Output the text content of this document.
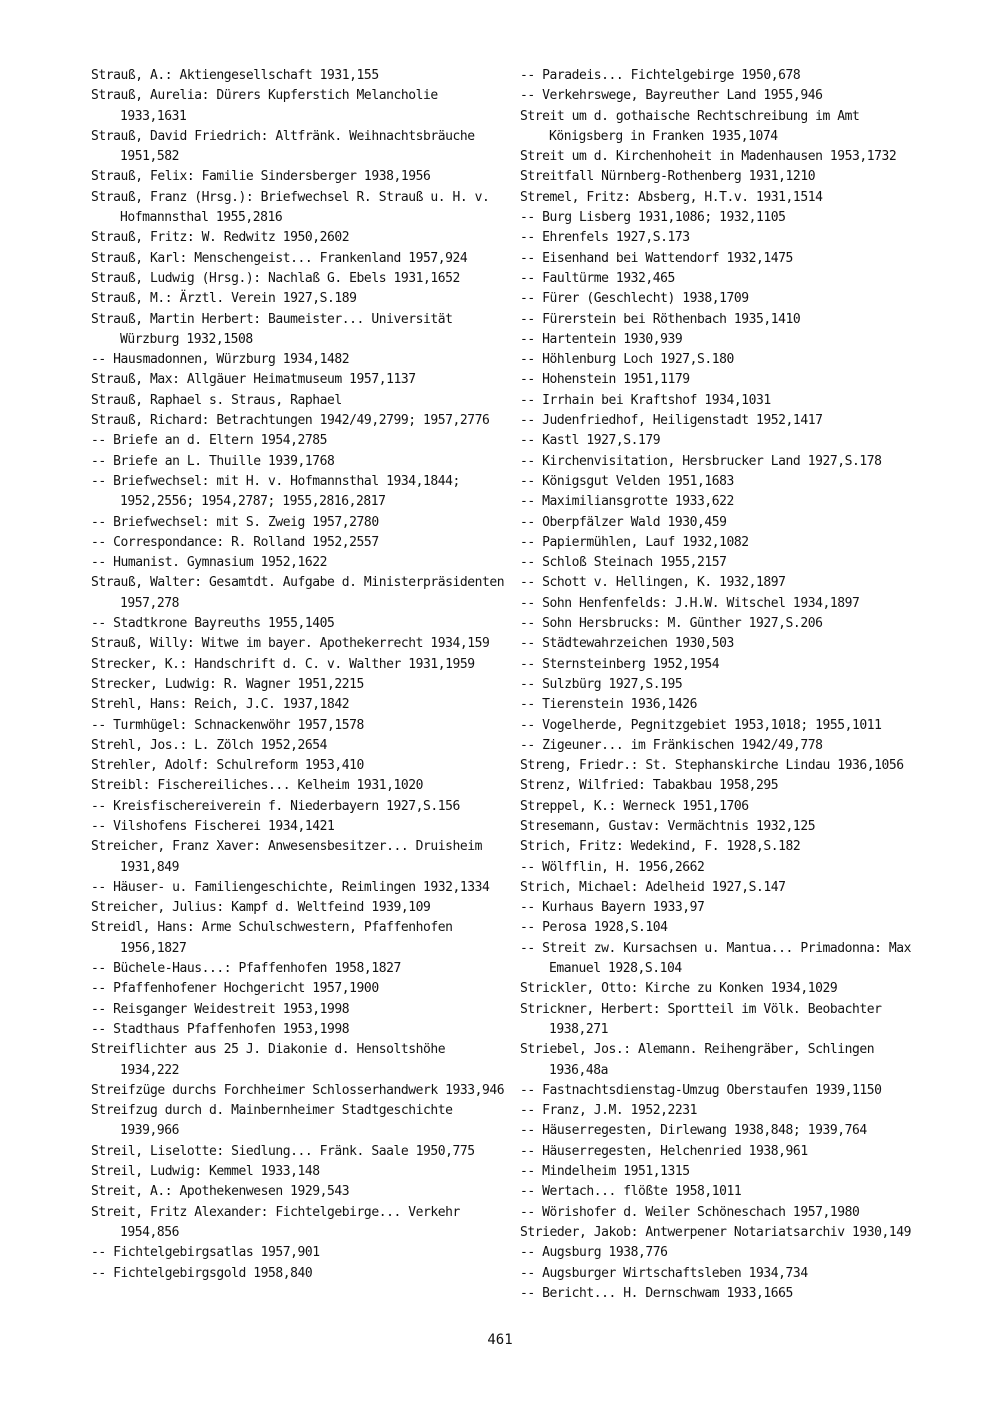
Strauß, A.: Aktiengesellschaft 1931,155
Strauß, Aurelia: Dürers Kupferstich Melancholie 1933,1631
Strauß, David Friedrich: Altfränk. Weihnachtsbräuche 1951,582
Strauß, Felix: Familie Sindersberger 1938,1956
Strauß, Franz (Hrsg.): Briefwechsel R. Strauß u. H. v. Hofmannsthal 1955,2816
Strauß, Fritz: W. Redwitz 1950,2602
Strauß, Karl: Menschengeist... Frankenland 1957,924
Strauß, Ludwig (Hrsg.): Nachlaß G. Ebels 1931,1652
Strauß, M.: Ärztl. Verein 1927,S.189
Strauß, Martin Herbert: Baumeister... Universität Würzburg 1932,1508
-- Hausmadonnen, Würzburg 1934,1482
Strauß, Max: Allgäuer Heimatmuseum 1957,1137
Strauß, Raphael s. Straus, Raphael
Strauß, Richard: Betrachtungen 1942/49,2799; 1957,2776
-- Briefe an d. Eltern 1954,2785
-- Briefe an L. Thuille 1939,1768
-- Briefwechsel: mit H. v. Hofmannsthal 1934,1844; 1952,2556; 1954,2787; 1955,2816,2817
-- Briefwechsel: mit S. Zweig 1957,2780
-- Correspondance: R. Rolland 1952,2557
-- Humanist. Gymnasium 1952,1622
Strauß, Walter: Gesamtdt. Aufgabe d. Ministerpräsidenten 1957,278
-- Stadtkrone Bayreuths 1955,1405
Strauß, Willy: Witwe im bayer. Apothekerrecht 1934,159
Strecker, K.: Handschrift d. C. v. Walther 1931,1959
Strecker, Ludwig: R. Wagner 1951,2215
Strehl, Hans: Reich, J.C. 1937,1842
-- Turmhügel: Schnackenwöhr 1957,1578
Strehl, Jos.: L. Zölch 1952,2654
Strehler, Adolf: Schulreform 1953,410
Streibl: Fischereiliches... Kelheim 1931,1020
-- Kreisfischereiverein f. Niederbayern 1927,S.156
-- Vilshofens Fischerei 1934,1421
Streicher, Franz Xaver: Anwesensbesitzer... Druisheim 1931,849
-- Häuser- u. Familiengeschichte, Reimlingen 1932,1334
Streicher, Julius: Kampf d. Weltfeind 1939,109
Streidl, Hans: Arme Schulschwestern, Pfaffenhofen 1956,1827
-- Büchele-Haus...: Pfaffenhofen 1958,1827
-- Pfaffenhofener Hochgericht 1957,1900
-- Reisganger Weidestreit 1953,1998
-- Stadthaus Pfaffenhofen 1953,1998
Streiflichter aus 25 J. Diakonie d. Hensoltshöhe 1934,222
Streifzüge durchs Forchheimer Schlosserhandwerk 1933,946
Streifzug durch d. Mainbernheimer Stadtgeschichte 1939,966
Streil, Liselotte: Siedlung... Fränk. Saale 1950,775
Streil, Ludwig: Kemmel 1933,148
Streit, A.: Apothekenwesen 1929,543
Streit, Fritz Alexander: Fichtelgebirge... Verkehr 1954,856
-- Fichtelgebirgsatlas 1957,901
-- Fichtelgebirgsgold 1958,840
-- Paradeis... Fichtelgebirge 1950,678
-- Verkehrswege, Bayreuther Land 1955,946
Streit um d. gothaische Rechtschreibung im Amt Königsberg in Franken 1935,1074
Streit um d. Kirchenhoheit in Madenhausen 1953,1732
Streitfall Nürnberg-Rothenberg 1931,1210
Stremel, Fritz: Absberg, H.T.v. 1931,1514
-- Burg Lisberg 1931,1086; 1932,1105
-- Ehrenfels 1927,S.173
-- Eisenhand bei Wattendorf 1932,1475
-- Faultürme 1932,465
-- Fürer (Geschlecht) 1938,1709
-- Fürerstein bei Röthenbach 1935,1410
-- Hartentein 1930,939
-- Höhlenburg Loch 1927,S.180
-- Hohenstein 1951,1179
-- Irrhain bei Kraftshof 1934,1031
-- Judenfriedhof, Heiligenstadt 1952,1417
-- Kastl 1927,S.179
-- Kirchenvisitation, Hersbrucker Land 1927,S.178
-- Königsgut Velden 1951,1683
-- Maximiliansgrotte 1933,622
-- Oberpfälzer Wald 1930,459
-- Papiermühlen, Lauf 1932,1082
-- Schloß Steinach 1955,2157
-- Schott v. Hellingen, K. 1932,1897
-- Sohn Henfenfelds: J.H.W. Witschel 1934,1897
-- Sohn Hersbrucks: M. Günther 1927,S.206
-- Städtewahrzeichen 1930,503
-- Sternsteinberg 1952,1954
-- Sulzbürg 1927,S.195
-- Tierenstein 1936,1426
-- Vogelherde, Pegnitzgebiet 1953,1018; 1955,1011
-- Zigeuner... im Fränkischen 1942/49,778
Streng, Friedr.: St. Stephanskirche Lindau 1936,1056
Strenz, Wilfried: Tabakbau 1958,295
Streppel, K.: Werneck 1951,1706
Stresemann, Gustav: Vermächtnis 1932,125
Strich, Fritz: Wedekind, F. 1928,S.182
-- Wölfflin, H. 1956,2662
Strich, Michael: Adelheid 1927,S.147
-- Kurhaus Bayern 1933,97
-- Perosa 1928,S.104
-- Streit zw. Kursachsen u. Mantua... Primadonna: Max Emanuel 1928,S.104
Strickler, Otto: Kirche zu Konken 1934,1029
Strickner, Herbert: Sportteil im Völk. Beobachter 1938,271
Striebel, Jos.: Alemann. Reihengräber, Schlingen 1936,48a
-- Fastnachtsdienstag-Umzug Oberstaufen 1939,1150
-- Franz, J.M. 1952,2231
-- Häuserregesten, Dirlewang 1938,848; 1939,764
-- Häuserregesten, Helchenried 1938,961
-- Mindelheim 1951,1315
-- Wertach... flößte 1958,1011
-- Wörishofer d. Weiler Schöneschach 1957,1980
Strieder, Jakob: Antwerpener Notariatsarchiv 1930,149
-- Augsburg 1938,776
-- Augsburger Wirtschaftsleben 1934,734
-- Bericht... H. Dernschwam 1933,1665
461
